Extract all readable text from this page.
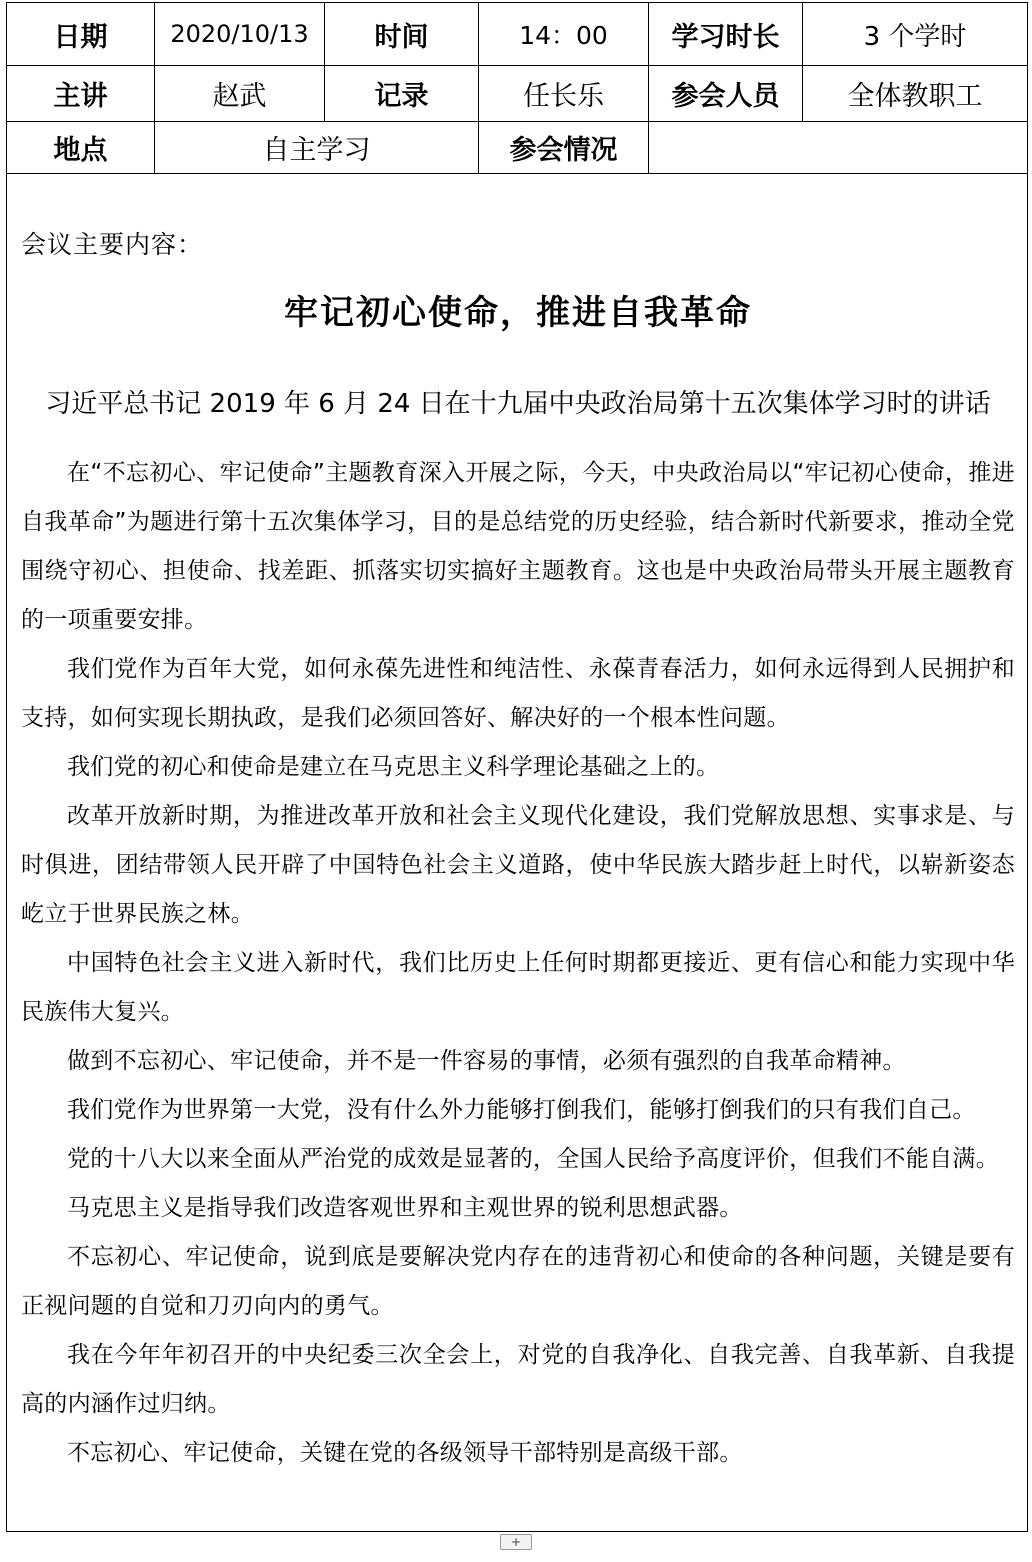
日期	2020/10/13	时间	14：00	学习时长	3 个学时
主讲	赵武	记录	任长乐	参会人员	全体教职工
地点	自主学习	参会情况
会议主要内容：
牢记初心使命，推进自我革命
习近平总书记 2019 年 6 月 24 日在十九届中央政治局第十五次集体学习时的讲话

在“不忘初心、牢记使命”主题教育深入开展之际，今天，中央政治局以“牢记初心使命，推进自我革命”为题进行第十五次集体学习，目的是总结党的历史经验，结合新时代新要求，推动全党围绕守初心、担使命、找差距、抓落实切实搞好主题教育。这也是中央政治局带头开展主题教育的一项重要安排。

我们党作为百年大党，如何永葆先进性和纯洁性、永葆青春活力，如何永远得到人民拥护和支持，如何实现长期执政，是我们必须回答好、解决好的一个根本性问题。

我们党的初心和使命是建立在马克思主义科学理论基础之上的。

改革开放新时期，为推进改革开放和社会主义现代化建设，我们党解放思想、实事求是、与时俱进，团结带领人民开辟了中国特色社会主义道路，使中华民族大踏步赶上时代，以崭新姿态屹立于世界民族之林。

中国特色社会主义进入新时代，我们比历史上任何时期都更接近、更有信心和能力实现中华民族伟大复兴。

做到不忘初心、牢记使命，并不是一件容易的事情，必须有强烈的自我革命精神。

我们党作为世界第一大党，没有什么外力能够打倒我们，能够打倒我们的只有我们自己。

党的十八大以来全面从严治党的成效是显著的，全国人民给予高度评价，但我们不能自满。

马克思主义是指导我们改造客观世界和主观世界的锐利思想武器。

不忘初心、牢记使命，说到底是要解决党内存在的违背初心和使命的各种问题，关键是要有正视问题的自觉和刀刃向内的勇气。

我在今年年初召开的中央纪委三次全会上，对党的自我净化、自我完善、自我革新、自我提高的内涵作过归纳。

不忘初心、牢记使命，关键在党的各级领导干部特别是高级干部。

+
